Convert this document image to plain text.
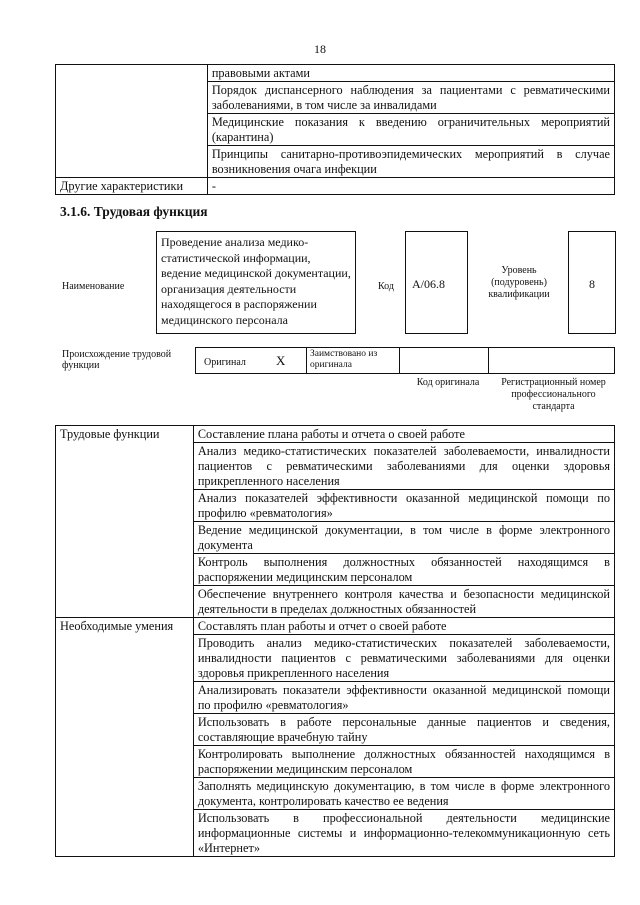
18
	правовыми актами
	Порядок диспансерного наблюдения за пациентами с ревматическими заболеваниями, в том числе за инвалидами
	Медицинские показания к введению ограничительных мероприятий (карантина)
	Принципы санитарно-противоэпидемических мероприятий в случае возникновения очага инфекции
Другие характеристики	-
3.1.6. Трудовая функция
Наименование
Проведение анализа медико-статистической информации, ведение медицинской документации, организация деятельности находящегося в распоряжении медицинского персонала
Код	A/06.8
Уровень (подуровень) квалификации
8
Происхождение трудовой функции	Оригинал X	Заимствовано из оригинала
Код оригинала	Регистрационный номер профессионального стандарта
Трудовые функции	Составление плана работы и отчета о своей работе
	Анализ медико-статистических показателей заболеваемости, инвалидности пациентов с ревматическими заболеваниями для оценки здоровья прикрепленного населения
	Анализ показателей эффективности оказанной медицинской помощи по профилю «ревматология»
	Ведение медицинской документации, в том числе в форме электронного документа
	Контроль выполнения должностных обязанностей находящимся в распоряжении медицинским персоналом
	Обеспечение внутреннего контроля качества и безопасности медицинской деятельности в пределах должностных обязанностей
Необходимые умения	Составлять план работы и отчет о своей работе
	Проводить анализ медико-статистических показателей заболеваемости, инвалидности пациентов с ревматическими заболеваниями для оценки здоровья прикрепленного населения
	Анализировать показатели эффективности оказанной медицинской помощи по профилю «ревматология»
	Использовать в работе персональные данные пациентов и сведения, составляющие врачебную тайну
	Контролировать выполнение должностных обязанностей находящимся в распоряжении медицинским персоналом
	Заполнять медицинскую документацию, в том числе в форме электронного документа, контролировать качество ее ведения
	Использовать в профессиональной деятельности медицинские информационные системы и информационно-телекоммуникационную сеть «Интернет»
